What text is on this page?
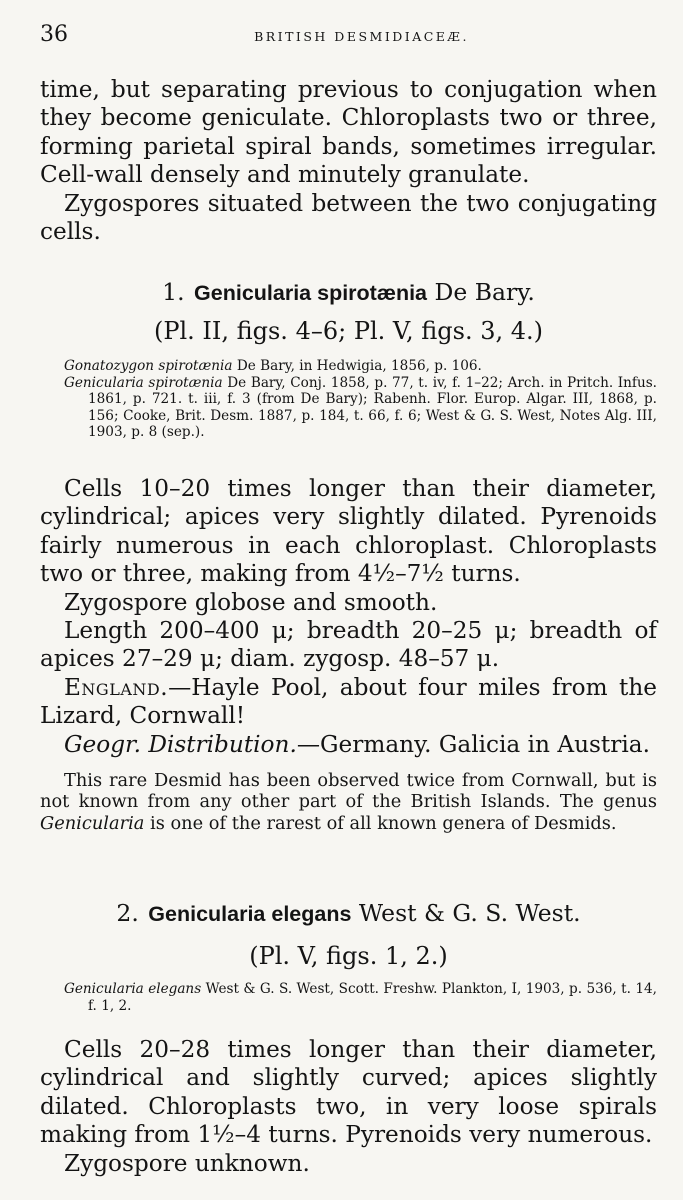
36	BRITISH DESMIDIACEÆ.

time, but separating previous to conjugation when they become geniculate. Chloroplasts two or three, forming parietal spiral bands, sometimes irregular. Cell-wall densely and minutely granulate.

Zygospores situated between the two conjugating cells.

1. Genicularia spirotænia De Bary.
(Pl. II, figs. 4–6; Pl. V, figs. 3, 4.)

Gonatozygon spirotænia De Bary, in Hedwigia, 1856, p. 106.

Genicularia spirotænia De Bary, Conj. 1858, p. 77, t. iv, f. 1–22; Arch. in Pritch. Infus. 1861, p. 721. t. iii, f. 3 (from De Bary); Rabenh. Flor. Europ. Algar. III, 1868, p. 156; Cooke, Brit. Desm. 1887, p. 184, t. 66, f. 6; West & G. S. West, Notes Alg. III, 1903, p. 8 (sep.).

Cells 10–20 times longer than their diameter, cylindrical; apices very slightly dilated. Pyrenoids fairly numerous in each chloroplast. Chloroplasts two or three, making from 4½–7½ turns.

Zygospore globose and smooth.

Length 200–400 μ; breadth 20–25 μ; breadth of apices 27–29 μ; diam. zygosp. 48–57 μ.

England.—Hayle Pool, about four miles from the Lizard, Cornwall!

Geogr. Distribution.—Germany. Galicia in Austria.

This rare Desmid has been observed twice from Cornwall, but is not known from any other part of the British Islands. The genus Genicularia is one of the rarest of all known genera of Desmids.

2. Genicularia elegans West & G. S. West.
(Pl. V, figs. 1, 2.)

Genicularia elegans West & G. S. West, Scott. Freshw. Plankton, I, 1903, p. 536, t. 14, f. 1, 2.

Cells 20–28 times longer than their diameter, cylindrical and slightly curved; apices slightly dilated. Chloroplasts two, in very loose spirals making from 1½–4 turns. Pyrenoids very numerous.

Zygospore unknown.
